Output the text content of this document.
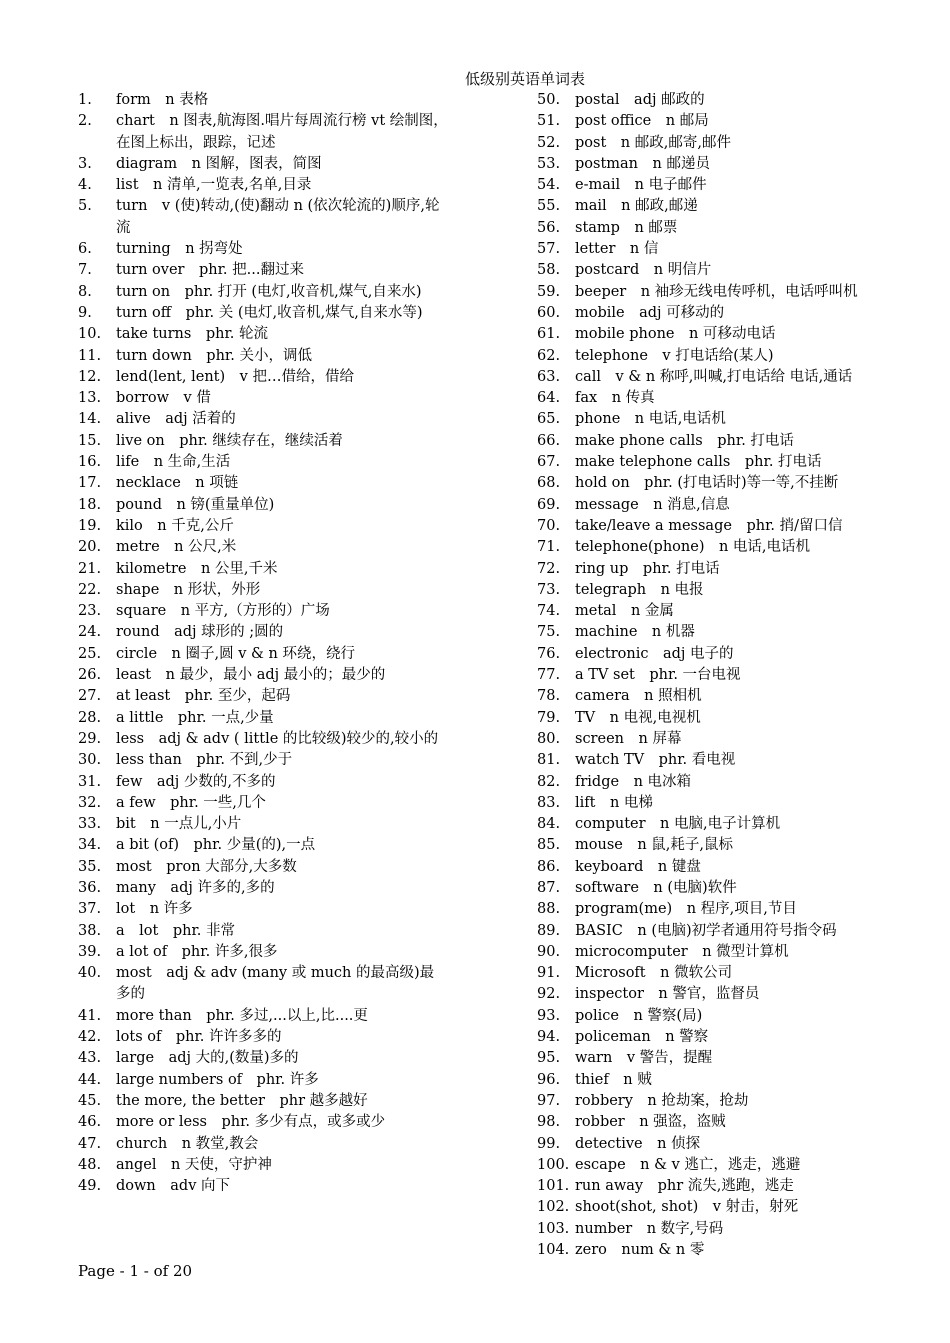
低级别英语单词表
1. form　n 表格
2. chart　n 图表,航海图.唱片每周流行榜 vt 绘制图，在图上标出，跟踪，记述
3. diagram　n 图解，图表，简图
4. list　n 清单,一览表,名单,目录
5. turn　v (使)转动,(使)翻动 n (依次轮流的)顺序,轮流
6. turning　n 拐弯处
7. turn over　phr. 把...翻过来
8. turn on　phr. 打开 (电灯,收音机,煤气,自来水)
9. turn off　phr. 关 (电灯,收音机,煤气,自来水等)
10. take turns　phr. 轮流
11. turn down　phr. 关小，调低
12. lend(lent, lent)　v 把…借给，借给
13. borrow　v 借
14. alive　adj 活着的
15. live on　phr. 继续存在，继续活着
16. life　n 生命,生活
17. necklace　n 项链
18. pound　n 镑(重量单位)
19. kilo　n 千克,公斤
20. metre　n 公尺,米
21. kilometre　n 公里,千米
22. shape　n 形状，外形
23. square　n 平方,（方形的）广场
24. round　adj 球形的 ;圆的
25. circle　n 圈子,圆 v & n 环绕，绕行
26. least　n 最少，最小 adj 最小的；最少的
27. at least　phr. 至少，起码
28. a little　phr. 一点,少量
29. less　adj & adv ( little 的比较级)较少的,较小的
30. less than　phr. 不到,少于
31. few　adj 少数的,不多的
32. a few　phr. 一些,几个
33. bit　n 一点儿,小片
34. a bit (of)　phr. 少量(的),一点
35. most　pron 大部分,大多数
36. many　adj 许多的,多的
37. lot　n 许多
38. a　lot　phr. 非常
39. a lot of　phr. 许多,很多
40. most　adj & adv (many 或 much 的最高级)最多的
41. more than　phr. 多过,...以上,比....更
42. lots of　phr. 许许多多的
43. large　adj 大的,(数量)多的
44. large numbers of　phr. 许多
45. the more, the better　phr 越多越好
46. more or less　phr. 多少有点，或多或少
47. church　n 教堂,教会
48. angel　n 天使，守护神
49. down　adv 向下
50. postal　adj 邮政的
51. post office　n 邮局
52. post　n 邮政,邮寄,邮件
53. postman　n 邮递员
54. e-mail　n 电子邮件
55. mail　n 邮政,邮递
56. stamp　n 邮票
57. letter　n 信
58. postcard　n 明信片
59. beeper　n 袖珍无线电传呼机，电话呼叫机
60. mobile　adj 可移动的
61. mobile phone　n 可移动电话
62. telephone　v 打电话给(某人)
63. call　v & n 称呼,叫喊,打电话给 电话,通话
64. fax　n 传真
65. phone　n 电话,电话机
66. make phone calls　phr. 打电话
67. make telephone calls　phr. 打电话
68. hold on　phr. (打电话时)等一等,不挂断
69. message　n 消息,信息
70. take/leave a message　phr. 捎/留口信
71. telephone(phone)　n 电话,电话机
72. ring up　phr. 打电话
73. telegraph　n 电报
74. metal　n 金属
75. machine　n 机器
76. electronic　adj 电子的
77. a TV set　phr. 一台电视
78. camera　n 照相机
79. TV　n 电视,电视机
80. screen　n 屏幕
81. watch TV　phr. 看电视
82. fridge　n 电冰箱
83. lift　n 电梯
84. computer　n 电脑,电子计算机
85. mouse　n 鼠,耗子,鼠标
86. keyboard　n 键盘
87. software　n (电脑)软件
88. program(me)　n 程序,项目,节目
89. BASIC　n (电脑)初学者通用符号指令码
90. microcomputer　n 微型计算机
91. Microsoft　n 微软公司
92. inspector　n 警官，监督员
93. police　n 警察(局)
94. policeman　n 警察
95. warn　v 警告，提醒
96. thief　n 贼
97. robbery　n 抢劫案，抢劫
98. robber　n 强盗，盗贼
99. detective　n 侦探
100. escape　n & v 逃亡，逃走，逃避
101. run away　phr 流失,逃跑，逃走
102. shoot(shot, shot)　v 射击，射死
103. number　n 数字,号码
104. zero　num & n 零
Page - 1 - of 20
